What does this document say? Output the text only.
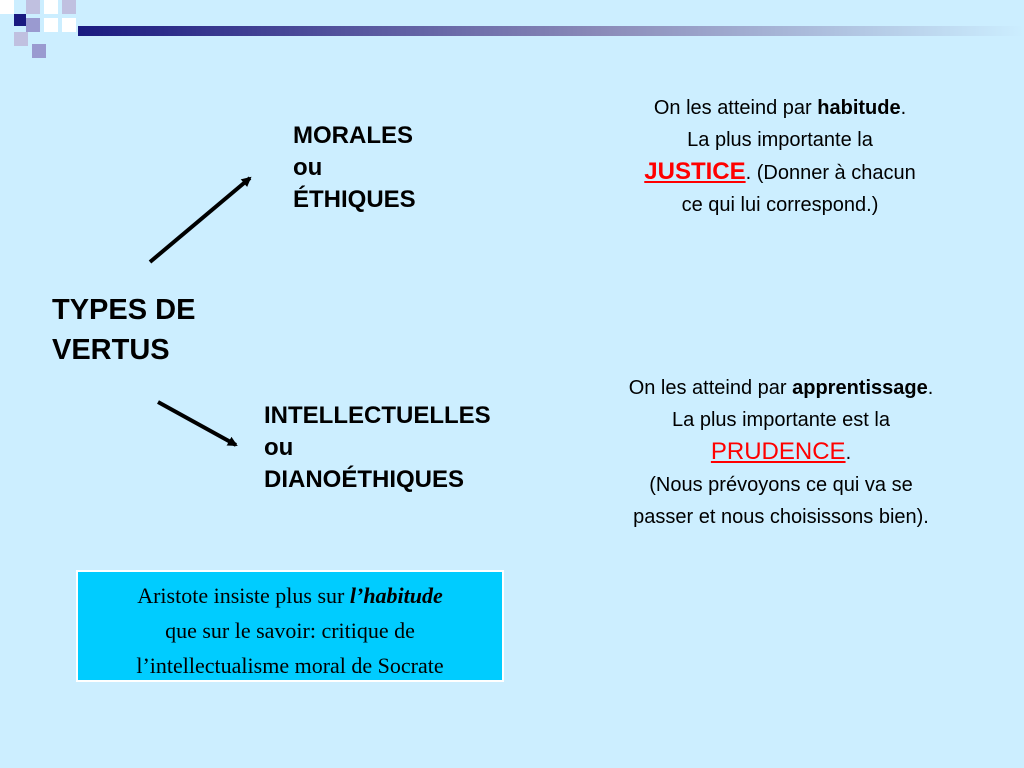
TYPES DE
VERTUS
MORALES
ou
ÉTHIQUES
INTELLECTUELLES
ou
DIANOÉTHIQUES
On les atteind par habitude.
La plus importante la
JUSTICE. (Donner à chacun
ce qui lui correspond.)
On les atteind par apprentissage.
La plus importante est la
PRUDENCE.
(Nous prévoyons ce qui va se
passer et nous choisissons bien).
Aristote insiste plus sur l’habitude
que sur le savoir: critique de
l’intellectualisme moral de Socrate
